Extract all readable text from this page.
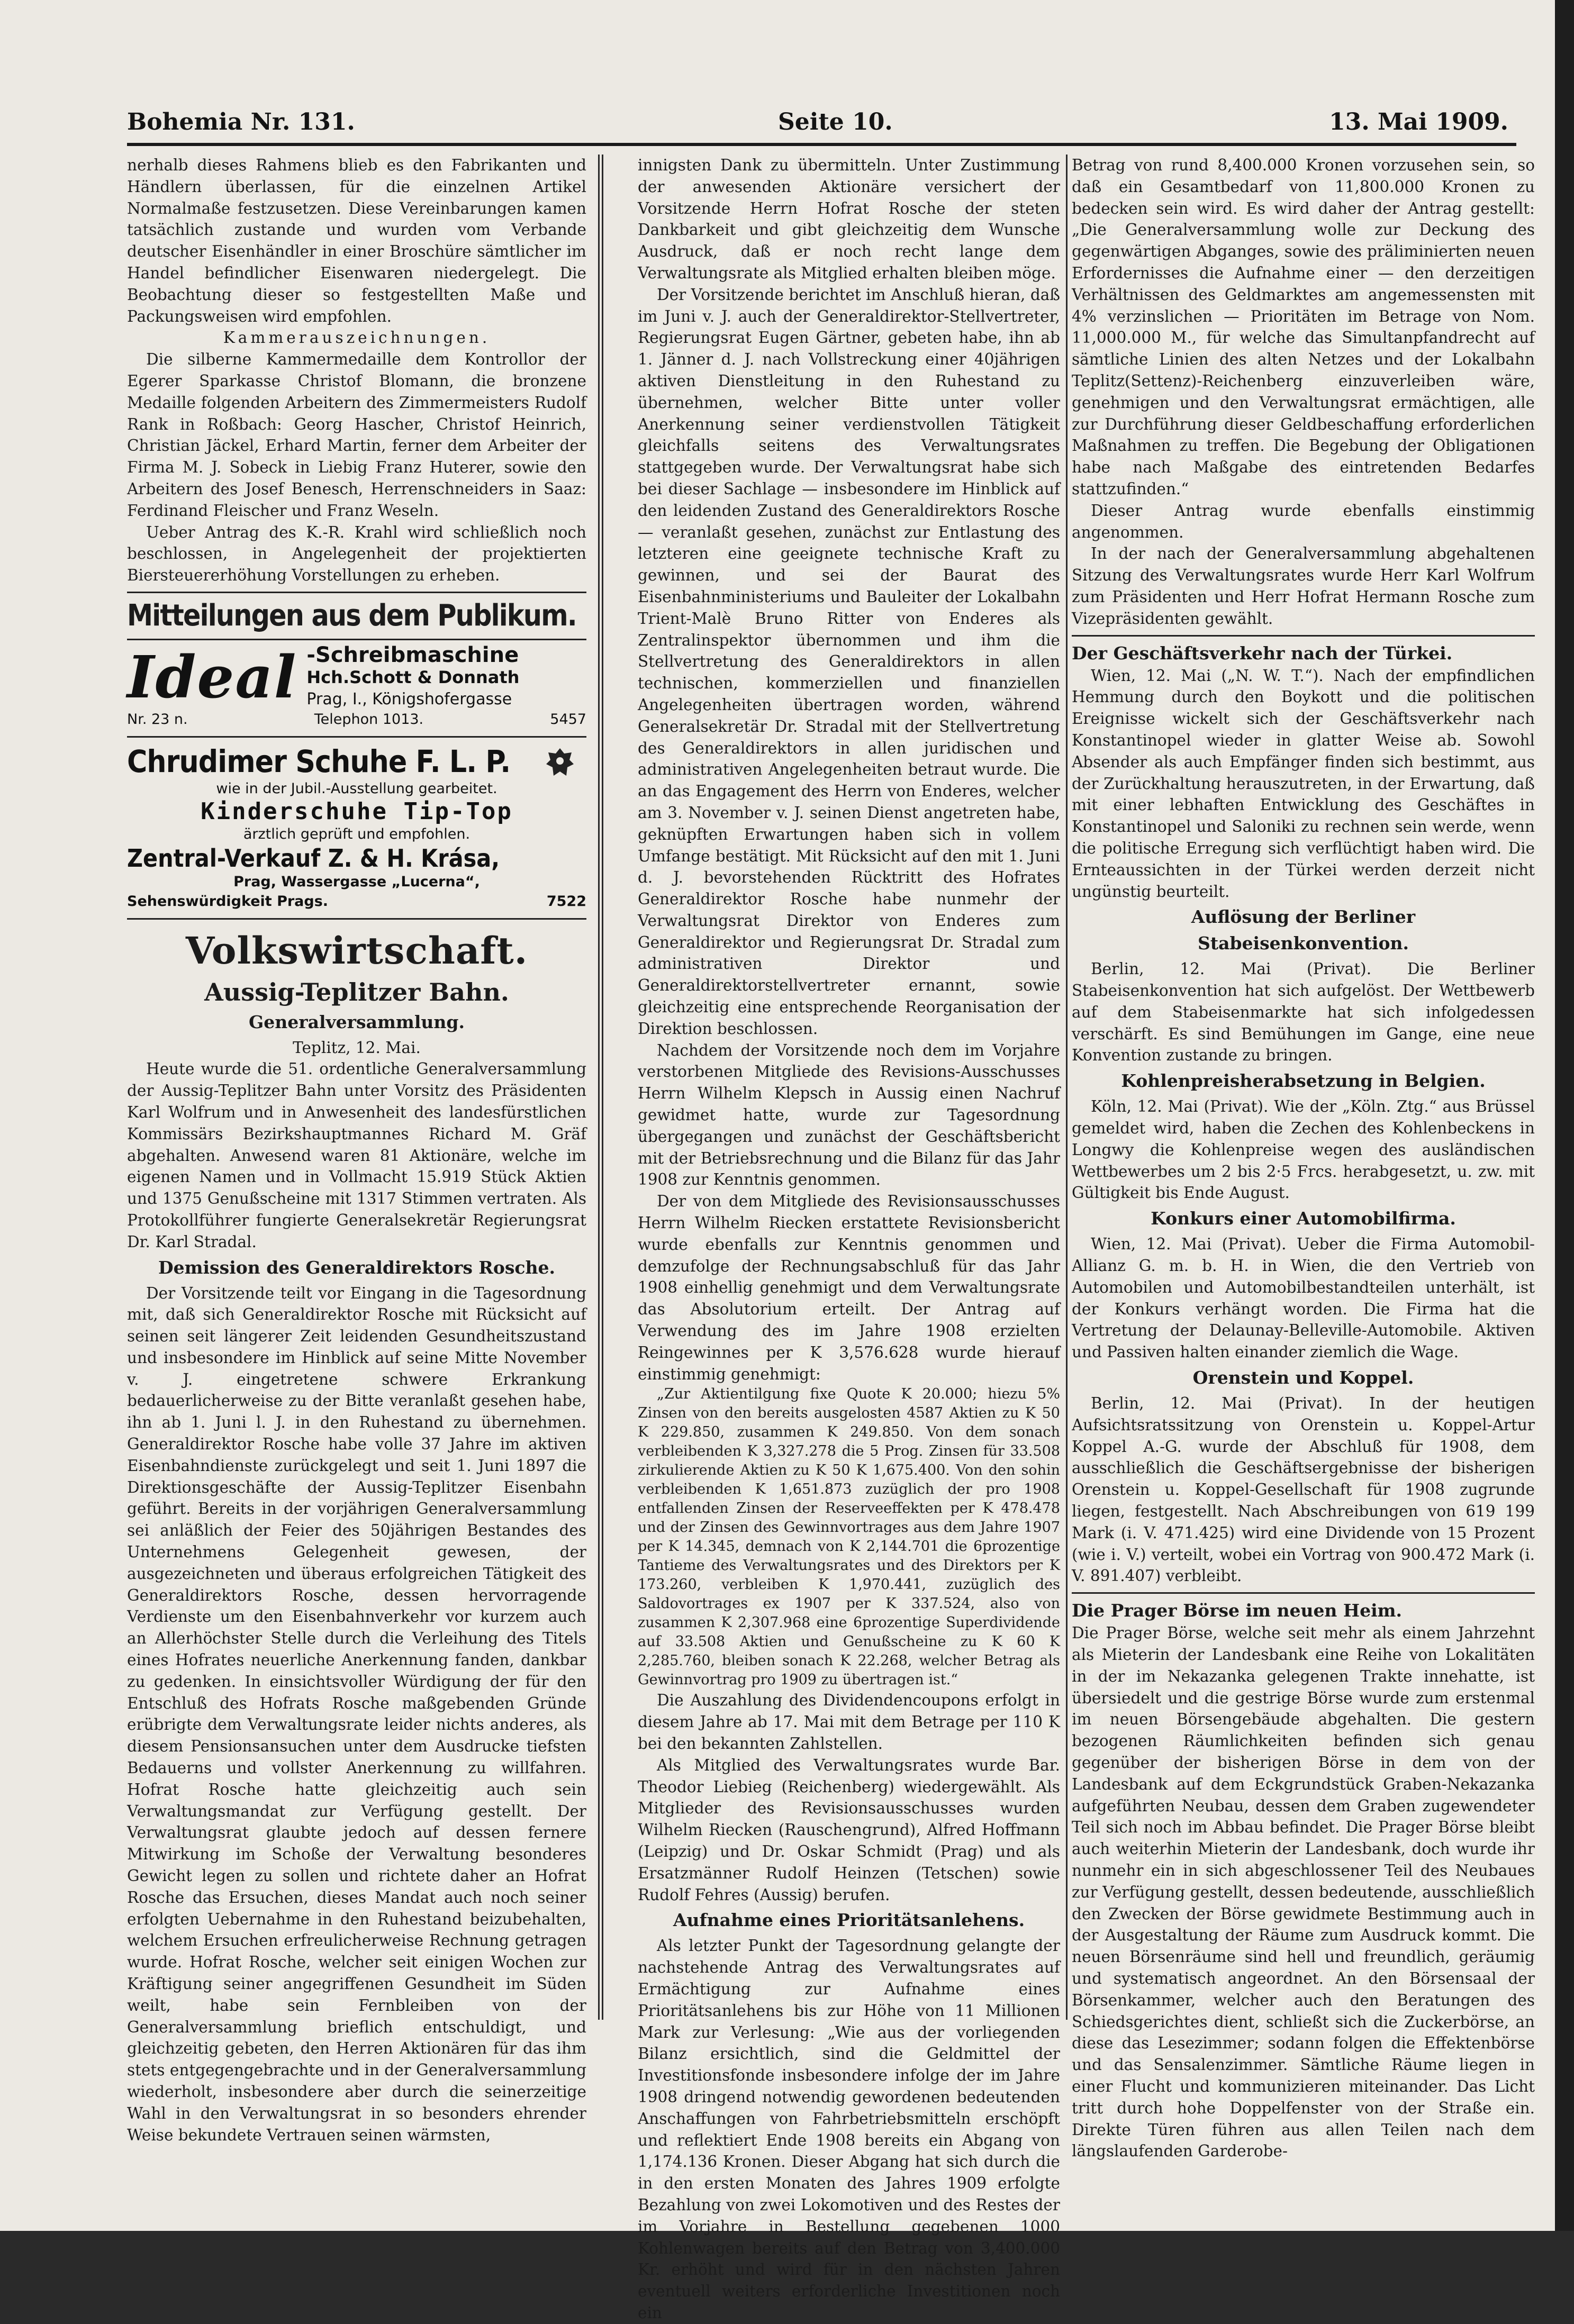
Bohemia Nr. 131.	Seite 10.	13. Mai 1909.

nerhalb dieses Rahmens blieb es den Fabrikanten und Händlern überlassen, für die einzelnen Artikel Normalmaße festzusetzen. Diese Vereinbarungen kamen tatsächlich zustande und wurden vom Verbande deutscher Eisenhändler in einer Broschüre sämtlicher im Handel befindlicher Eisenwaren niedergelegt. Die Beobachtung dieser so festgestellten Maße und Packungsweisen wird empfohlen.

Kammerauszeichnungen.

Die silberne Kammermedaille dem Kontrollor der Egerer Sparkasse Christof Blomann, die bronzene Medaille folgenden Arbeitern des Zimmermeisters Rudolf Rank in Roßbach: Georg Hascher, Christof Heinrich, Christian Jäckel, Erhard Martin, ferner dem Arbeiter der Firma M. J. Sobeck in Liebig Franz Huterer, sowie den Arbeitern des Josef Benesch, Herrenschneiders in Saaz: Ferdinand Fleischer und Franz Weseln.

Ueber Antrag des K.-R. Krahl wird schließlich noch beschlossen, in Angelegenheit der projektierten Biersteuererhöhung Vorstellungen zu erheben.

Mitteilungen aus dem Publikum.
Ideal -Schreibmaschine
Hch.Schott & Donnath
Prag, I., Königshofergasse
Nr. 23 n.	Telephon 1013.	5457
Chrudimer Schuhe F. L. P.
wie in der Jubil.-Ausstellung gearbeitet.
Kinderschuhe Tip-Top
ärztlich geprüft und empfohlen.
Zentral-Verkauf Z. & H. Krása,
Prag, Wassergasse „Lucerna“,
Sehenswürdigkeit Prags.	7522
Volkswirtschaft.
Aussig-Teplitzer Bahn.
Generalversammlung.

Teplitz, 12. Mai.

Heute wurde die 51. ordentliche Generalversammlung der Aussig-Teplitzer Bahn unter Vorsitz des Präsidenten Karl Wolfrum und in Anwesenheit des landesfürstlichen Kommissärs Bezirkshauptmannes Richard M. Gräf abgehalten. Anwesend waren 81 Aktionäre, welche im eigenen Namen und in Vollmacht 15.919 Stück Aktien und 1375 Genußscheine mit 1317 Stimmen vertraten. Als Protokollführer fungierte Generalsekretär Regierungsrat Dr. Karl Stradal.

Demission des Generaldirektors Rosche.

Der Vorsitzende teilt vor Eingang in die Tagesordnung mit, daß sich Generaldirektor Rosche mit Rücksicht auf seinen seit längerer Zeit leidenden Gesundheitszustand und insbesondere im Hinblick auf seine Mitte November v. J. eingetretene schwere Erkrankung bedauerlicherweise zu der Bitte veranlaßt gesehen habe, ihn ab 1. Juni l. J. in den Ruhestand zu übernehmen. Generaldirektor Rosche habe volle 37 Jahre im aktiven Eisenbahndienste zurückgelegt und seit 1. Juni 1897 die Direktionsgeschäfte der Aussig-Teplitzer Eisenbahn geführt. Bereits in der vorjährigen Generalversammlung sei anläßlich der Feier des 50jährigen Bestandes des Unternehmens Gelegenheit gewesen, der ausgezeichneten und überaus erfolgreichen Tätigkeit des Generaldirektors Rosche, dessen hervorragende Verdienste um den Eisenbahnverkehr vor kurzem auch an Allerhöchster Stelle durch die Verleihung des Titels eines Hofrates neuerliche Anerkennung fanden, dankbar zu gedenken. In einsichtsvoller Würdigung der für den Entschluß des Hofrats Rosche maßgebenden Gründe erübrigte dem Verwaltungsrate leider nichts anderes, als diesem Pensionsansuchen unter dem Ausdrucke tiefsten Bedauerns und vollster Anerkennung zu willfahren. Hofrat Rosche hatte gleichzeitig auch sein Verwaltungsmandat zur Verfügung gestellt. Der Verwaltungsrat glaubte jedoch auf dessen fernere Mitwirkung im Schoße der Verwaltung besonderes Gewicht legen zu sollen und richtete daher an Hofrat Rosche das Ersuchen, dieses Mandat auch noch seiner erfolgten Uebernahme in den Ruhestand beizubehalten, welchem Ersuchen erfreulicherweise Rechnung getragen wurde. Hofrat Rosche, welcher seit einigen Wochen zur Kräftigung seiner angegriffenen Gesundheit im Süden weilt, habe sein Fernbleiben von der Generalversammlung brieflich entschuldigt, und gleichzeitig gebeten, den Herren Aktionären für das ihm stets entgegengebrachte und in der Generalversammlung wiederholt, insbesondere aber durch die seinerzeitige Wahl in den Verwaltungsrat in so besonders ehrender Weise bekundete Vertrauen seinen wärmsten,

innigsten Dank zu übermitteln. Unter Zustimmung der anwesenden Aktionäre versichert der Vorsitzende Herrn Hofrat Rosche der steten Dankbarkeit und gibt gleichzeitig dem Wunsche Ausdruck, daß er noch recht lange dem Verwaltungsrate als Mitglied erhalten bleiben möge.

Der Vorsitzende berichtet im Anschluß hieran, daß im Juni v. J. auch der Generaldirektor-Stellvertreter, Regierungsrat Eugen Gärtner, gebeten habe, ihn ab 1. Jänner d. J. nach Vollstreckung einer 40jährigen aktiven Dienstleitung in den Ruhestand zu übernehmen, welcher Bitte unter voller Anerkennung seiner verdienstvollen Tätigkeit gleichfalls seitens des Verwaltungsrates stattgegeben wurde. Der Verwaltungsrat habe sich bei dieser Sachlage — insbesondere im Hinblick auf den leidenden Zustand des Generaldirektors Rosche — veranlaßt gesehen, zunächst zur Entlastung des letzteren eine geeignete technische Kraft zu gewinnen, und sei der Baurat des Eisenbahnministeriums und Bauleiter der Lokalbahn Trient-Malè Bruno Ritter von Enderes als Zentralinspektor übernommen und ihm die Stellvertretung des Generaldirektors in allen technischen, kommerziellen und finanziellen Angelegenheiten übertragen worden, während Generalsekretär Dr. Stradal mit der Stellvertretung des Generaldirektors in allen juridischen und administrativen Angelegenheiten betraut wurde. Die an das Engagement des Herrn von Enderes, welcher am 3. November v. J. seinen Dienst angetreten habe, geknüpften Erwartungen haben sich in vollem Umfange bestätigt. Mit Rücksicht auf den mit 1. Juni d. J. bevorstehenden Rücktritt des Hofrates Generaldirektor Rosche habe nunmehr der Verwaltungsrat Direktor von Enderes zum Generaldirektor und Regierungsrat Dr. Stradal zum administrativen Direktor und Generaldirektorstellvertreter ernannt, sowie gleichzeitig eine entsprechende Reorganisation der Direktion beschlossen.

Nachdem der Vorsitzende noch dem im Vorjahre verstorbenen Mitgliede des Revisions-Ausschusses Herrn Wilhelm Klepsch in Aussig einen Nachruf gewidmet hatte, wurde zur Tagesordnung übergegangen und zunächst der Geschäftsbericht mit der Betriebsrechnung und die Bilanz für das Jahr 1908 zur Kenntnis genommen.

Der von dem Mitgliede des Revisionsausschusses Herrn Wilhelm Riecken erstattete Revisionsbericht wurde ebenfalls zur Kenntnis genommen und demzufolge der Rechnungsabschluß für das Jahr 1908 einhellig genehmigt und dem Verwaltungsrate das Absolutorium erteilt. Der Antrag auf Verwendung des im Jahre 1908 erzielten Reingewinnes per K 3,576.628 wurde hierauf einstimmig genehmigt:

„Zur Aktientilgung fixe Quote K 20.000; hiezu 5% Zinsen von den bereits ausgelosten 4587 Aktien zu K 50 K 229.850, zusammen K 249.850. Von dem sonach verbleibenden K 3,327.278 die 5 Prog. Zinsen für 33.508 zirkulierende Aktien zu K 50 K 1,675.400. Von den sohin verbleibenden K 1,651.873 zuzüglich der pro 1908 entfallenden Zinsen der Reserveeffekten per K 478.478 und der Zinsen des Gewinnvortrages aus dem Jahre 1907 per K 14.345, demnach von K 2,144.701 die 6prozentige Tantieme des Verwaltungsrates und des Direktors per K 173.260, verbleiben K 1,970.441, zuzüglich des Saldovortrages ex 1907 per K 337.524, also von zusammen K 2,307.968 eine 6prozentige Superdividende auf 33.508 Aktien und Genußscheine zu K 60 K 2,285.760, bleiben sonach K 22.268, welcher Betrag als Gewinnvortrag pro 1909 zu übertragen ist.“

Die Auszahlung des Dividendencoupons erfolgt in diesem Jahre ab 17. Mai mit dem Betrage per 110 K bei den bekannten Zahlstellen.

Als Mitglied des Verwaltungsrates wurde Bar. Theodor Liebieg (Reichenberg) wiedergewählt. Als Mitglieder des Revisionsausschusses wurden Wilhelm Riecken (Rauschengrund), Alfred Hoffmann (Leipzig) und Dr. Oskar Schmidt (Prag) und als Ersatzmänner Rudolf Heinzen (Tetschen) sowie Rudolf Fehres (Aussig) berufen.

Aufnahme eines Prioritätsanlehens.

Als letzter Punkt der Tagesordnung gelangte der nachstehende Antrag des Verwaltungsrates auf Ermächtigung zur Aufnahme eines Prioritätsanlehens bis zur Höhe von 11 Millionen Mark zur Verlesung: „Wie aus der vorliegenden Bilanz ersichtlich, sind die Geldmittel der Investitionsfonde insbesondere infolge der im Jahre 1908 dringend notwendig gewordenen bedeutenden Anschaffungen von Fahrbetriebsmitteln erschöpft und reflektiert Ende 1908 bereits ein Abgang von 1,174.136 Kronen. Dieser Abgang hat sich durch die in den ersten Monaten des Jahres 1909 erfolgte Bezahlung von zwei Lokomotiven und des Restes der im Vorjahre in Bestellung gegebenen 1000 Kohlenwagen bereits auf den Betrag von 3,400.000 Kr. erhöht und wird für in den nächsten Jahren eventuell weiters erforderliche Investitionen noch ein

Betrag von rund 8,400.000 Kronen vorzusehen sein, so daß ein Gesamtbedarf von 11,800.000 Kronen zu bedecken sein wird. Es wird daher der Antrag gestellt: „Die Generalversammlung wolle zur Deckung des gegenwärtigen Abganges, sowie des präliminierten neuen Erfordernisses die Aufnahme einer — den derzeitigen Verhältnissen des Geldmarktes am angemessensten mit 4% verzinslichen — Prioritäten im Betrage von Nom. 11,000.000 M., für welche das Simultanpfandrecht auf sämtliche Linien des alten Netzes und der Lokalbahn Teplitz(Settenz)-Reichenberg einzuverleiben wäre, genehmigen und den Verwaltungsrat ermächtigen, alle zur Durchführung dieser Geldbeschaffung erforderlichen Maßnahmen zu treffen. Die Begebung der Obligationen habe nach Maßgabe des eintretenden Bedarfes stattzufinden.“

Dieser Antrag wurde ebenfalls einstimmig angenommen.

In der nach der Generalversammlung abgehaltenen Sitzung des Verwaltungsrates wurde Herr Karl Wolfrum zum Präsidenten und Herr Hofrat Hermann Rosche zum Vizepräsidenten gewählt.

Der Geschäftsverkehr nach der Türkei.

Wien, 12. Mai („N. W. T.“). Nach der empfindlichen Hemmung durch den Boykott und die politischen Ereignisse wickelt sich der Geschäftsverkehr nach Konstantinopel wieder in glatter Weise ab. Sowohl Absender als auch Empfänger finden sich bestimmt, aus der Zurückhaltung herauszutreten, in der Erwartung, daß mit einer lebhaften Entwicklung des Geschäftes in Konstantinopel und Saloniki zu rechnen sein werde, wenn die politische Erregung sich verflüchtigt haben wird. Die Ernteaussichten in der Türkei werden derzeit nicht ungünstig beurteilt.

Auflösung der Berliner
Stabeisenkonvention.

Berlin, 12. Mai (Privat). Die Berliner Stabeisenkonvention hat sich aufgelöst. Der Wettbewerb auf dem Stabeisenmarkte hat sich infolgedessen verschärft. Es sind Bemühungen im Gange, eine neue Konvention zustande zu bringen.

Kohlenpreisherabsetzung in Belgien.

Köln, 12. Mai (Privat). Wie der „Köln. Ztg.“ aus Brüssel gemeldet wird, haben die Zechen des Kohlenbeckens in Longwy die Kohlenpreise wegen des ausländischen Wettbewerbes um 2 bis 2·5 Frcs. herabgesetzt, u. zw. mit Gültigkeit bis Ende August.

Konkurs einer Automobilfirma.

Wien, 12. Mai (Privat). Ueber die Firma Automobil-Allianz G. m. b. H. in Wien, die den Vertrieb von Automobilen und Automobilbestandteilen unterhält, ist der Konkurs verhängt worden. Die Firma hat die Vertretung der Delaunay-Belleville-Automobile. Aktiven und Passiven halten einander ziemlich die Wage.

Orenstein und Koppel.

Berlin, 12. Mai (Privat). In der heutigen Aufsichtsratssitzung von Orenstein u. Koppel-Artur Koppel A.-G. wurde der Abschluß für 1908, dem ausschließlich die Geschäftsergebnisse der bisherigen Orenstein u. Koppel-Gesellschaft für 1908 zugrunde liegen, festgestellt. Nach Abschreibungen von 619 199 Mark (i. V. 471.425) wird eine Dividende von 15 Prozent (wie i. V.) verteilt, wobei ein Vortrag von 900.472 Mark (i. V. 891.407) verbleibt.

Die Prager Börse im neuen Heim.

Die Prager Börse, welche seit mehr als einem Jahrzehnt als Mieterin der Landesbank eine Reihe von Lokalitäten in der im Nekazanka gelegenen Trakte innehatte, ist übersiedelt und die gestrige Börse wurde zum erstenmal im neuen Börsengebäude abgehalten. Die gestern bezogenen Räumlichkeiten befinden sich genau gegenüber der bisherigen Börse in dem von der Landesbank auf dem Eckgrundstück Graben-Nekazanka aufgeführten Neubau, dessen dem Graben zugewendeter Teil sich noch im Abbau befindet. Die Prager Börse bleibt auch weiterhin Mieterin der Landesbank, doch wurde ihr nunmehr ein in sich abgeschlossener Teil des Neubaues zur Verfügung gestellt, dessen bedeutende, ausschließlich den Zwecken der Börse gewidmete Bestimmung auch in der Ausgestaltung der Räume zum Ausdruck kommt. Die neuen Börsenräume sind hell und freundlich, geräumig und systematisch angeordnet. An den Börsensaal der Börsenkammer, welcher auch den Beratungen des Schiedsgerichtes dient, schließt sich die Zuckerbörse, an diese das Lesezimmer; sodann folgen die Effektenbörse und das Sensalenzimmer. Sämtliche Räume liegen in einer Flucht und kommunizieren miteinander. Das Licht tritt durch hohe Doppelfenster von der Straße ein. Direkte Türen führen aus allen Teilen nach dem längslaufenden Garderobe-
